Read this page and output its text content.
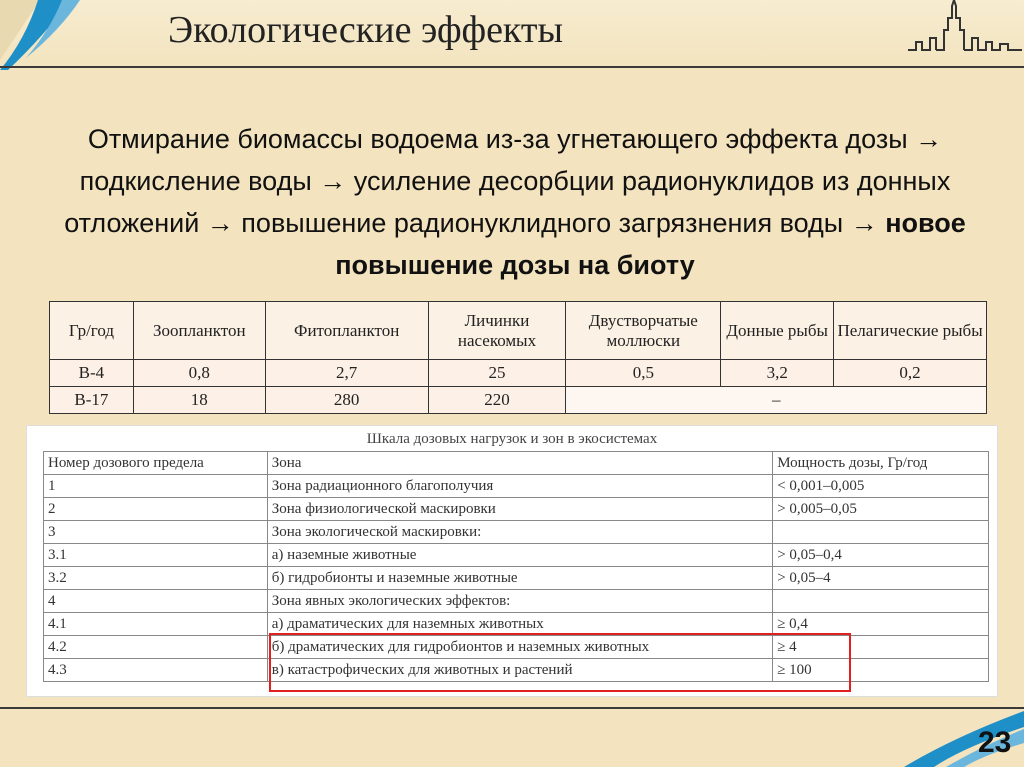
Экологические эффекты

Отмирание биомассы водоема из-за угнетающего эффекта дозы → подкисление воды → усиление десорбции радионуклидов из донных отложений → повышение радионуклидного загрязнения воды → новое повышение дозы на биоту

Гр/год	Зоопланктон	Фитопланктон	Личинки насекомых	Двустворчатые моллюски	Донные рыбы	Пелагические рыбы
В-4	0,8	2,7	25	0,5	3,2	0,2
В-17	18	280	220	–		
Шкала дозовых нагрузок и зон в экосистемах
Номер дозового предела	Зона	Мощность дозы, Гр/год
1	Зона радиационного благополучия	< 0,001–0,005
2	Зона физиологической маскировки	> 0,005–0,05
3	Зона экологической маскировки:	
3.1	а) наземные животные	> 0,05–0,4
3.2	б) гидробионты и наземные животные	> 0,05–4
4	Зона явных экологических эффектов:	
4.1	а) драматических для наземных животных	≥ 0,4
4.2	б) драматических для гидробионтов и наземных животных	≥ 4
4.3	в) катастрофических для животных и растений	≥ 100
23
